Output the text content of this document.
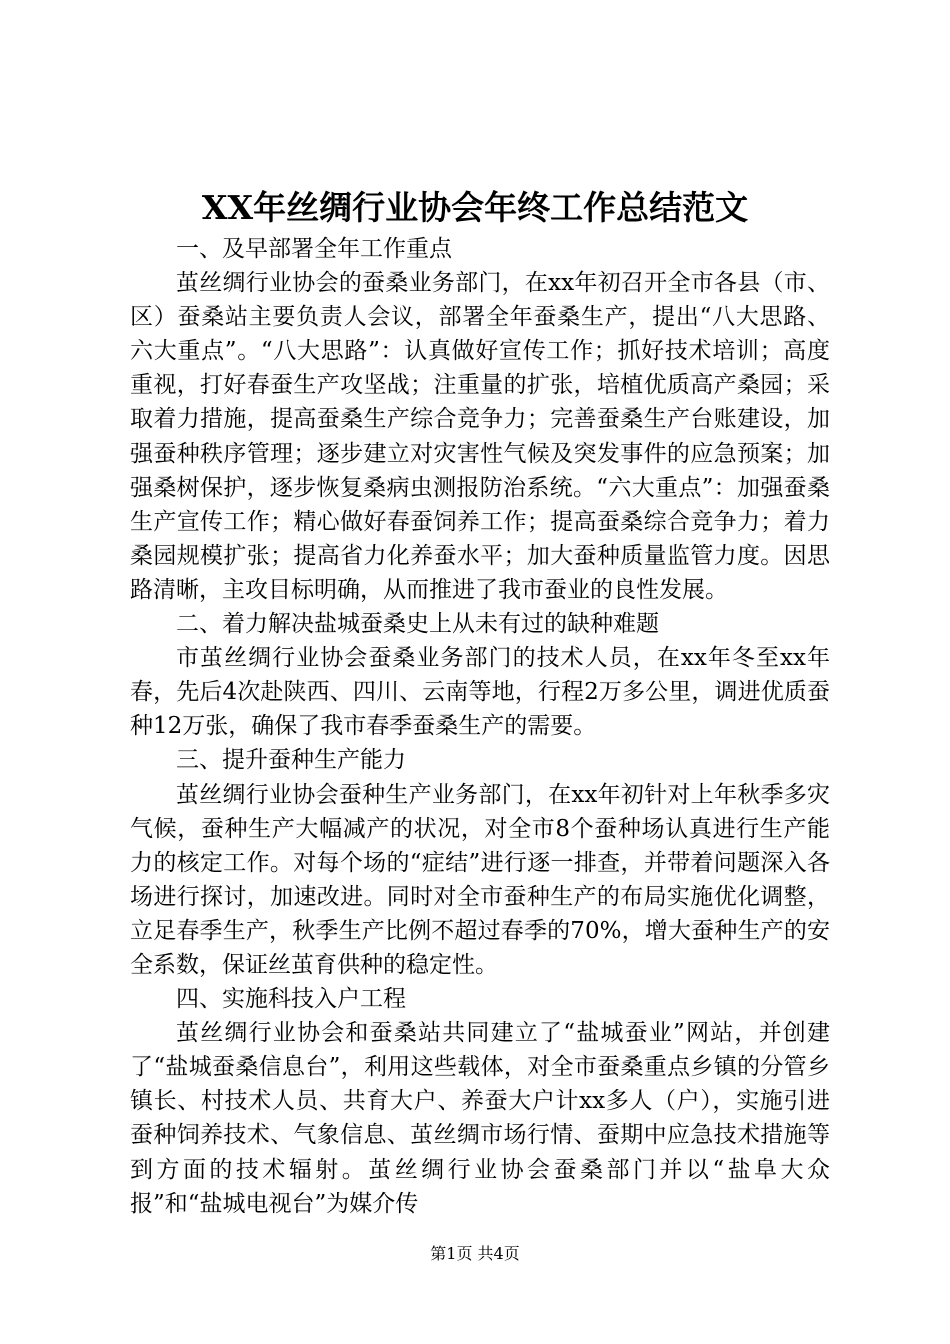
XX年丝绸行业协会年终工作总结范文

一、及早部署全年工作重点

茧丝绸行业协会的蚕桑业务部门，在xx年初召开全市各县（市、区）蚕桑站主要负责人会议，部署全年蚕桑生产，提出“八大思路、六大重点”。“八大思路”：认真做好宣传工作；抓好技术培训；高度重视，打好春蚕生产攻坚战；注重量的扩张，培植优质高产桑园；采取着力措施，提高蚕桑生产综合竞争力；完善蚕桑生产台账建设，加强蚕种秩序管理；逐步建立对灾害性气候及突发事件的应急预案；加强桑树保护，逐步恢复桑病虫测报防治系统。“六大重点”：加强蚕桑生产宣传工作；精心做好春蚕饲养工作；提高蚕桑综合竞争力；着力桑园规模扩张；提高省力化养蚕水平；加大蚕种质量监管力度。因思路清晰，主攻目标明确，从而推进了我市蚕业的良性发展。

二、着力解决盐城蚕桑史上从未有过的缺种难题

市茧丝绸行业协会蚕桑业务部门的技术人员，在xx年冬至xx年春，先后4次赴陕西、四川、云南等地，行程2万多公里，调进优质蚕种12万张，确保了我市春季蚕桑生产的需要。

三、提升蚕种生产能力

茧丝绸行业协会蚕种生产业务部门，在xx年初针对上年秋季多灾气候，蚕种生产大幅减产的状况，对全市8个蚕种场认真进行生产能力的核定工作。对每个场的“症结”进行逐一排查，并带着问题深入各场进行探讨，加速改进。同时对全市蚕种生产的布局实施优化调整，立足春季生产，秋季生产比例不超过春季的70%，增大蚕种生产的安全系数，保证丝茧育供种的稳定性。

四、实施科技入户工程

茧丝绸行业协会和蚕桑站共同建立了“盐城蚕业”网站，并创建了“盐城蚕桑信息台”，利用这些载体，对全市蚕桑重点乡镇的分管乡镇长、村技术人员、共育大户、养蚕大户计xx多人（户），实施引进蚕种饲养技术、气象信息、茧丝绸市场行情、蚕期中应急技术措施等到方面的技术辐射。茧丝绸行业协会蚕桑部门并以“盐阜大众报”和“盐城电视台”为媒介传

第1页 共4页
